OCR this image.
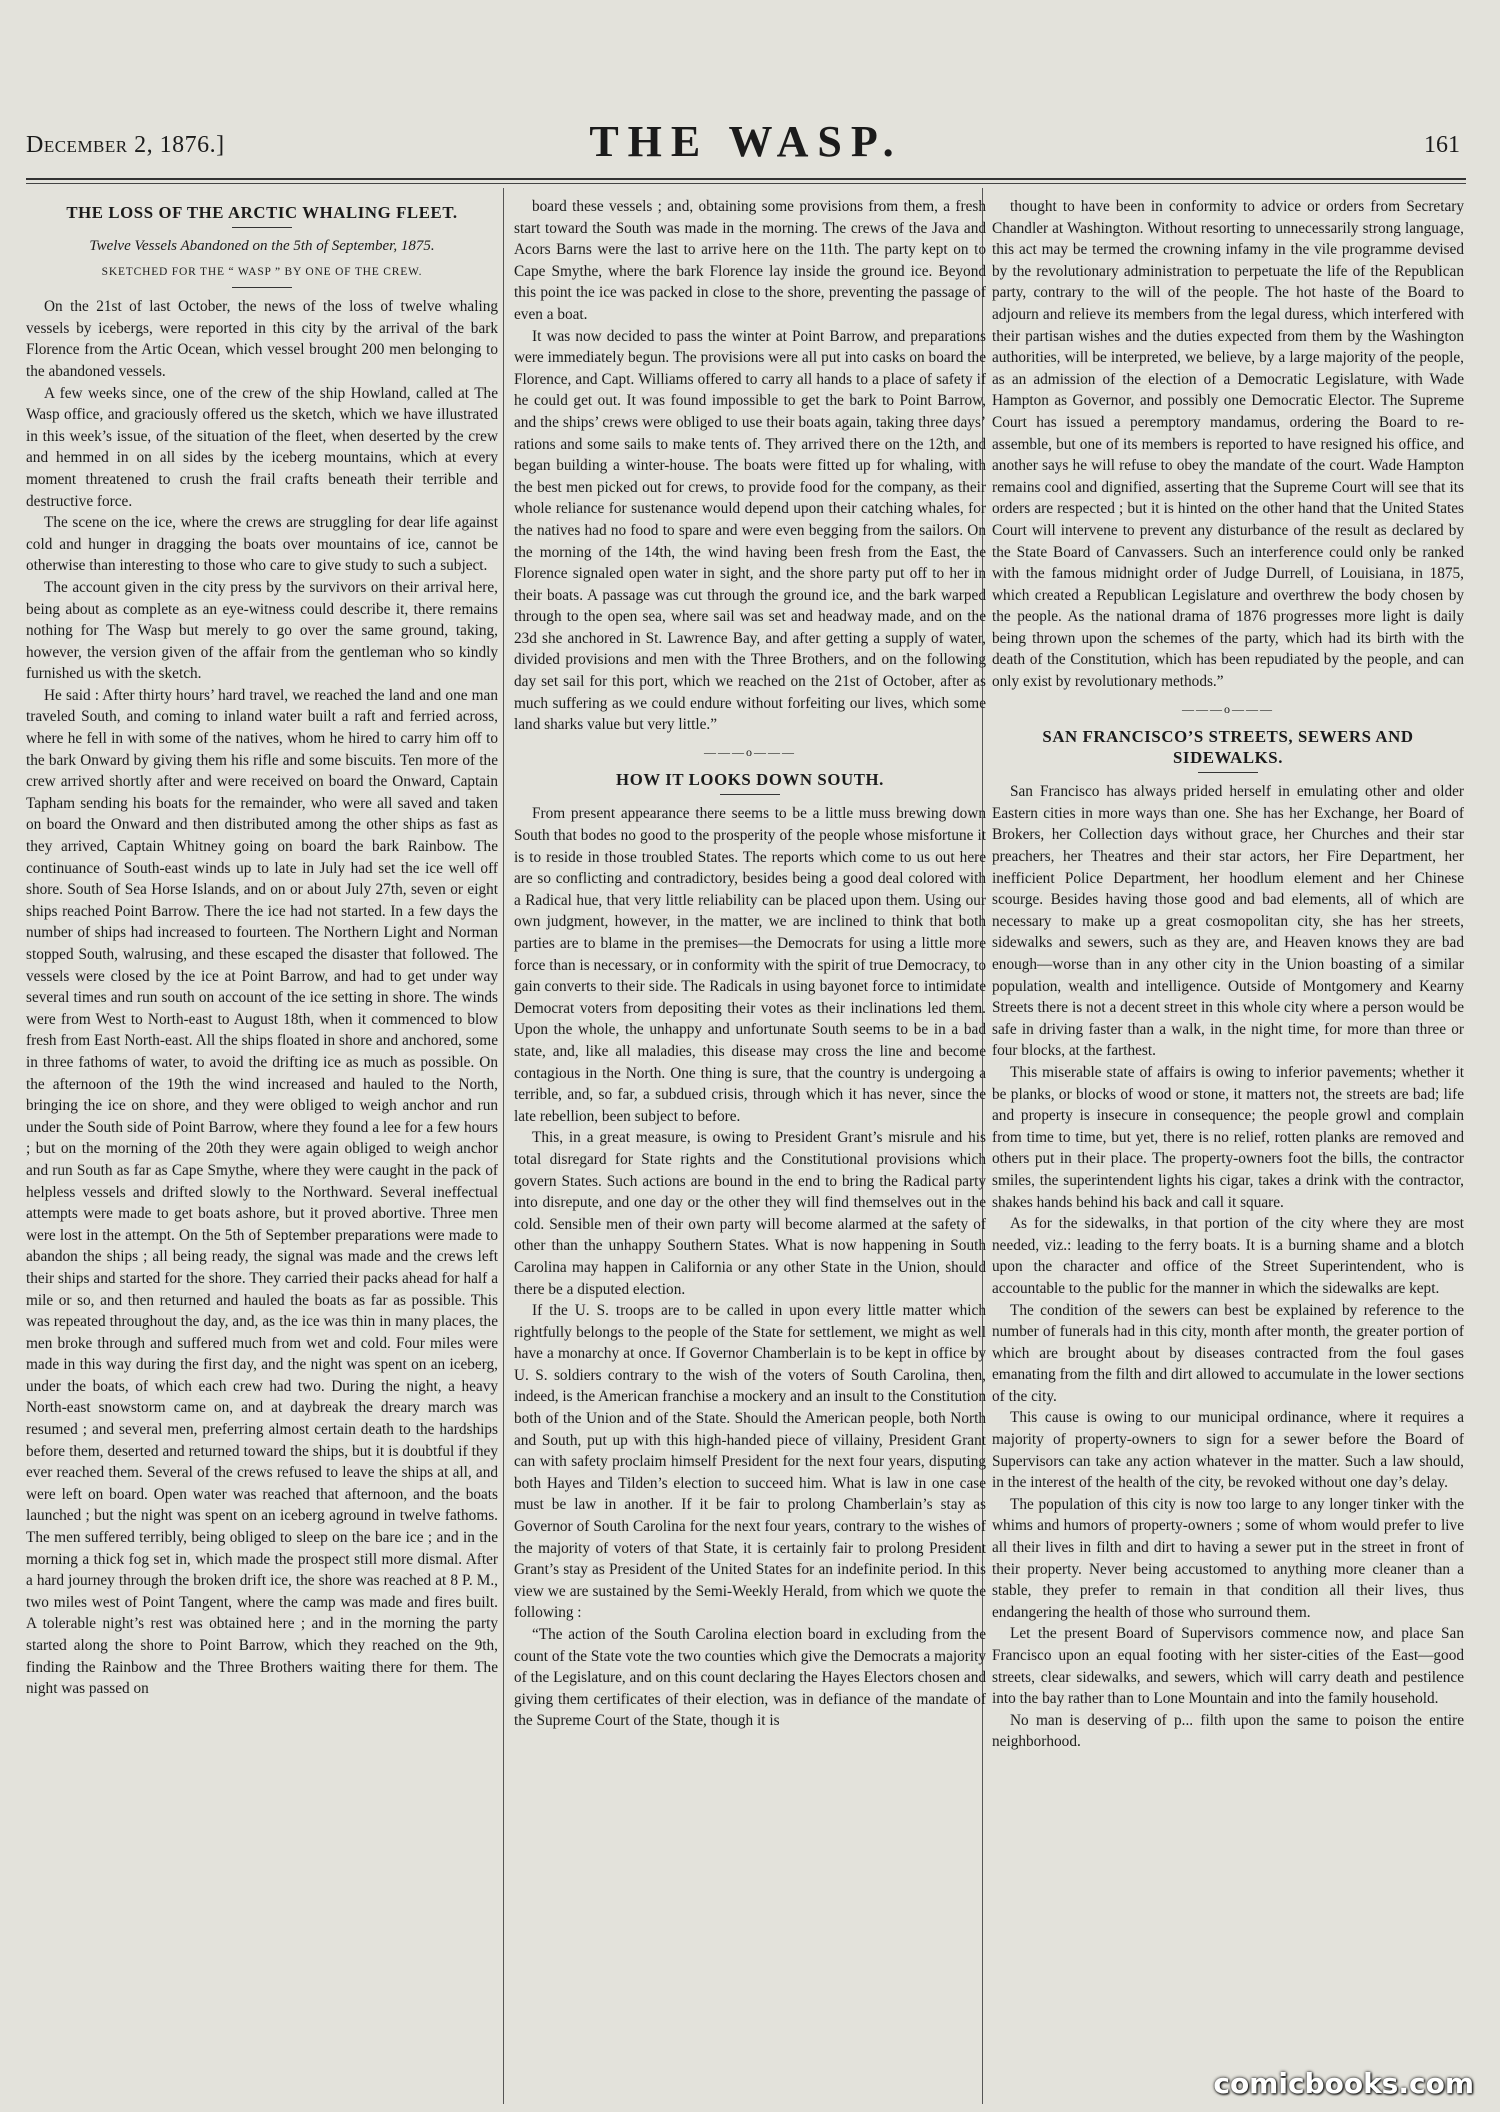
December 2, 1876.]	THE WASP.	161
THE LOSS OF THE ARCTIC WHALING FLEET.
Twelve Vessels Abandoned on the 5th of September, 1875.
SKETCHED FOR THE “ WASP ” BY ONE OF THE CREW.

On the 21st of last October, the news of the loss of twelve whaling vessels by icebergs, were reported in this city by the arrival of the bark Florence from the Artic Ocean, which vessel brought 200 men belonging to the abandoned vessels.

A few weeks since, one of the crew of the ship Howland, called at The Wasp office, and graciously offered us the sketch, which we have illustrated in this week’s issue, of the situation of the fleet, when deserted by the crew and hemmed in on all sides by the iceberg mountains, which at every moment threatened to crush the frail crafts beneath their terrible and destructive force.

The scene on the ice, where the crews are struggling for dear life against cold and hunger in dragging the boats over mountains of ice, cannot be otherwise than interesting to those who care to give study to such a subject.

The account given in the city press by the survivors on their arrival here, being about as complete as an eye-witness could describe it, there remains nothing for The Wasp but merely to go over the same ground, taking, however, the version given of the affair from the gentleman who so kindly furnished us with the sketch.

He said : After thirty hours’ hard travel, we reached the land and one man traveled South, and coming to inland water built a raft and ferried across, where he fell in with some of the natives, whom he hired to carry him off to the bark Onward by giving them his rifle and some biscuits. Ten more of the crew arrived shortly after and were received on board the Onward, Captain Tapham sending his boats for the remainder, who were all saved and taken on board the Onward and then distributed among the other ships as fast as they arrived, Captain Whitney going on board the bark Rainbow. The continuance of South-east winds up to late in July had set the ice well off shore. South of Sea Horse Islands, and on or about July 27th, seven or eight ships reached Point Barrow. There the ice had not started. In a few days the number of ships had increased to fourteen. The Northern Light and Norman stopped South, walrusing, and these escaped the disaster that followed. The vessels were closed by the ice at Point Barrow, and had to get under way several times and run south on account of the ice setting in shore. The winds were from West to North-east to August 18th, when it commenced to blow fresh from East North-east. All the ships floated in shore and anchored, some in three fathoms of water, to avoid the drifting ice as much as possible. On the afternoon of the 19th the wind increased and hauled to the North, bringing the ice on shore, and they were obliged to weigh anchor and run under the South side of Point Barrow, where they found a lee for a few hours ; but on the morning of the 20th they were again obliged to weigh anchor and run South as far as Cape Smythe, where they were caught in the pack of helpless vessels and drifted slowly to the Northward. Several ineffectual attempts were made to get boats ashore, but it proved abortive. Three men were lost in the attempt. On the 5th of September preparations were made to abandon the ships ; all being ready, the signal was made and the crews left their ships and started for the shore. They carried their packs ahead for half a mile or so, and then returned and hauled the boats as far as possible. This was repeated throughout the day, and, as the ice was thin in many places, the men broke through and suffered much from wet and cold. Four miles were made in this way during the first day, and the night was spent on an iceberg, under the boats, of which each crew had two. During the night, a heavy North-east snowstorm came on, and at daybreak the dreary march was resumed ; and several men, preferring almost certain death to the hardships before them, deserted and returned toward the ships, but it is doubtful if they ever reached them. Several of the crews refused to leave the ships at all, and were left on board. Open water was reached that afternoon, and the boats launched ; but the night was spent on an iceberg aground in twelve fathoms. The men suffered terribly, being obliged to sleep on the bare ice ; and in the morning a thick fog set in, which made the prospect still more dismal. After a hard journey through the broken drift ice, the shore was reached at 8 P. M., two miles west of Point Tangent, where the camp was made and fires built. A tolerable night’s rest was obtained here ; and in the morning the party started along the shore to Point Barrow, which they reached on the 9th, finding the Rainbow and the Three Brothers waiting there for them. The night was passed on

board these vessels ; and, obtaining some provisions from them, a fresh start toward the South was made in the morning. The crews of the Java and Acors Barns were the last to arrive here on the 11th. The party kept on to Cape Smythe, where the bark Florence lay inside the ground ice. Beyond this point the ice was packed in close to the shore, preventing the passage of even a boat.

It was now decided to pass the winter at Point Barrow, and preparations were immediately begun. The provisions were all put into casks on board the Florence, and Capt. Williams offered to carry all hands to a place of safety if he could get out. It was found impossible to get the bark to Point Barrow, and the ships’ crews were obliged to use their boats again, taking three days’ rations and some sails to make tents of. They arrived there on the 12th, and began building a winter-house. The boats were fitted up for whaling, with the best men picked out for crews, to provide food for the company, as their whole reliance for sustenance would depend upon their catching whales, for the natives had no food to spare and were even begging from the sailors. On the morning of the 14th, the wind having been fresh from the East, the Florence signaled open water in sight, and the shore party put off to her in their boats. A passage was cut through the ground ice, and the bark warped through to the open sea, where sail was set and headway made, and on the 23d she anchored in St. Lawrence Bay, and after getting a supply of water, divided provisions and men with the Three Brothers, and on the following day set sail for this port, which we reached on the 21st of October, after as much suffering as we could endure without forfeiting our lives, which some land sharks value but very little.”

———o———
HOW IT LOOKS DOWN SOUTH.

From present appearance there seems to be a little muss brewing down South that bodes no good to the prosperity of the people whose misfortune it is to reside in those troubled States. The reports which come to us out here are so conflicting and contradictory, besides being a good deal colored with a Radical hue, that very little reliability can be placed upon them. Using our own judgment, however, in the matter, we are inclined to think that both parties are to blame in the premises—the Democrats for using a little more force than is necessary, or in conformity with the spirit of true Democracy, to gain converts to their side. The Radicals in using bayonet force to intimidate Democrat voters from depositing their votes as their inclinations led them. Upon the whole, the unhappy and unfortunate South seems to be in a bad state, and, like all maladies, this disease may cross the line and become contagious in the North. One thing is sure, that the country is undergoing a terrible, and, so far, a subdued crisis, through which it has never, since the late rebellion, been subject to before.

This, in a great measure, is owing to President Grant’s misrule and his total disregard for State rights and the Constitutional provisions which govern States. Such actions are bound in the end to bring the Radical party into disrepute, and one day or the other they will find themselves out in the cold. Sensible men of their own party will become alarmed at the safety of other than the unhappy Southern States. What is now happening in South Carolina may happen in California or any other State in the Union, should there be a disputed election.

If the U. S. troops are to be called in upon every little matter which rightfully belongs to the people of the State for settlement, we might as well have a monarchy at once. If Governor Chamberlain is to be kept in office by U. S. soldiers contrary to the wish of the voters of South Carolina, then, indeed, is the American franchise a mockery and an insult to the Constitution both of the Union and of the State. Should the American people, both North and South, put up with this high-handed piece of villainy, President Grant can with safety proclaim himself President for the next four years, disputing both Hayes and Tilden’s election to succeed him. What is law in one case must be law in another. If it be fair to prolong Chamberlain’s stay as Governor of South Carolina for the next four years, contrary to the wishes of the majority of voters of that State, it is certainly fair to prolong President Grant’s stay as President of the United States for an indefinite period. In this view we are sustained by the Semi-Weekly Herald, from which we quote the following :

“The action of the South Carolina election board in excluding from the count of the State vote the two counties which give the Democrats a majority of the Legislature, and on this count declaring the Hayes Electors chosen and giving them certificates of their election, was in defiance of the mandate of the Supreme Court of the State, though it is

thought to have been in conformity to advice or orders from Secretary Chandler at Washington. Without resorting to unnecessarily strong language, this act may be termed the crowning infamy in the vile programme devised by the revolutionary administration to perpetuate the life of the Republican party, contrary to the will of the people. The hot haste of the Board to adjourn and relieve its members from the legal duress, which interfered with their partisan wishes and the duties expected from them by the Washington authorities, will be interpreted, we believe, by a large majority of the people, as an admission of the election of a Democratic Legislature, with Wade Hampton as Governor, and possibly one Democratic Elector. The Supreme Court has issued a peremptory mandamus, ordering the Board to re-assemble, but one of its members is reported to have resigned his office, and another says he will refuse to obey the mandate of the court. Wade Hampton remains cool and dignified, asserting that the Supreme Court will see that its orders are respected ; but it is hinted on the other hand that the United States Court will intervene to prevent any disturbance of the result as declared by the State Board of Canvassers. Such an interference could only be ranked with the famous midnight order of Judge Durrell, of Louisiana, in 1875, which created a Republican Legislature and overthrew the body chosen by the people. As the national drama of 1876 progresses more light is daily being thrown upon the schemes of the party, which had its birth with the death of the Constitution, which has been repudiated by the people, and can only exist by revolutionary methods.”

———o———
SAN FRANCISCO’S STREETS, SEWERS AND SIDEWALKS.

San Francisco has always prided herself in emulating other and older Eastern cities in more ways than one. She has her Exchange, her Board of Brokers, her Collection days without grace, her Churches and their star preachers, her Theatres and their star actors, her Fire Department, her inefficient Police Department, her hoodlum element and her Chinese scourge. Besides having those good and bad elements, all of which are necessary to make up a great cosmopolitan city, she has her streets, sidewalks and sewers, such as they are, and Heaven knows they are bad enough—worse than in any other city in the Union boasting of a similar population, wealth and intelligence. Outside of Montgomery and Kearny Streets there is not a decent street in this whole city where a person would be safe in driving faster than a walk, in the night time, for more than three or four blocks, at the farthest.

This miserable state of affairs is owing to inferior pavements; whether it be planks, or blocks of wood or stone, it matters not, the streets are bad; life and property is insecure in consequence; the people growl and complain from time to time, but yet, there is no relief, rotten planks are removed and others put in their place. The property-owners foot the bills, the contractor smiles, the superintendent lights his cigar, takes a drink with the contractor, shakes hands behind his back and call it square.

As for the sidewalks, in that portion of the city where they are most needed, viz.: leading to the ferry boats. It is a burning shame and a blotch upon the character and office of the Street Superintendent, who is accountable to the public for the manner in which the sidewalks are kept.

The condition of the sewers can best be explained by reference to the number of funerals had in this city, month after month, the greater portion of which are brought about by diseases contracted from the foul gases emanating from the filth and dirt allowed to accumulate in the lower sections of the city.

This cause is owing to our municipal ordinance, where it requires a majority of property-owners to sign for a sewer before the Board of Supervisors can take any action whatever in the matter. Such a law should, in the interest of the health of the city, be revoked without one day’s delay.

The population of this city is now too large to any longer tinker with the whims and humors of property-owners ; some of whom would prefer to live all their lives in filth and dirt to having a sewer put in the street in front of their property. Never being accustomed to anything more cleaner than a stable, they prefer to remain in that condition all their lives, thus endangering the health of those who surround them.

Let the present Board of Supervisors commence now, and place San Francisco upon an equal footing with her sister-cities of the East—good streets, clear sidewalks, and sewers, which will carry death and pestilence into the bay rather than to Lone Mountain and into the family household.

No man is deserving of p... filth upon the same to poison the entire neighborhood.

comicbooks.com
